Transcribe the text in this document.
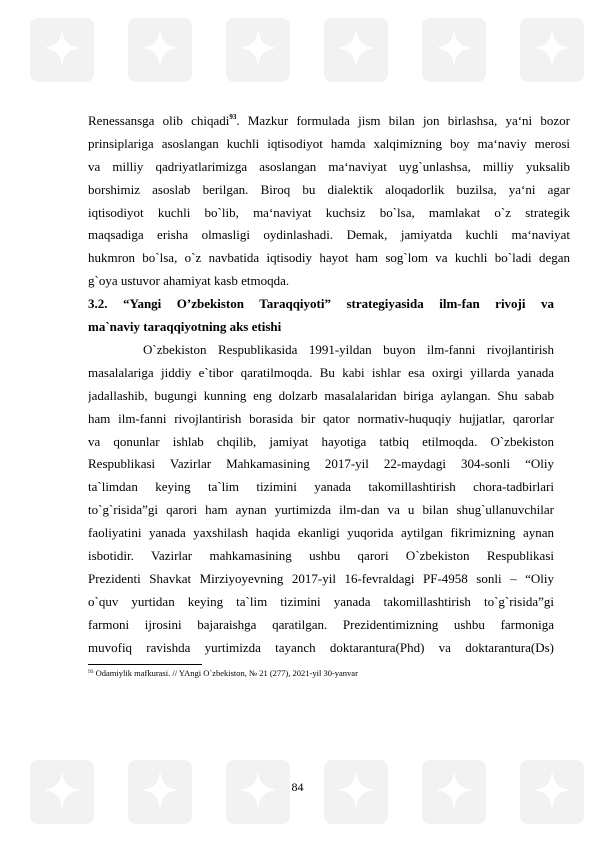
✦	✦	✦	✦	✦	✦
✦	✦	✦	✦	✦	✦
Renessansga olib chiqadi$^{93}$. Mazkur formulada jism bilan jon birlashsa, ya‘ni bozor
prinsiplariga asoslangan kuchli iqtisodiyot hamda xalqimizning boy ma‘naviy merosi
va milliy qadriyatlarimizga asoslangan ma‘naviyat uyg`unlashsa, milliy yuksalib
borshimiz asoslab berilgan. Biroq bu dialektik aloqadorlik buzilsa, ya‘ni agar
iqtisodiyot kuchli bo`lib, ma‘naviyat kuchsiz bo`lsa, mamlakat o`z strategik
maqsadiga erisha olmasligi oydinlashadi. Demak, jamiyatda kuchli ma‘naviyat
hukmron bo`lsa, o`z navbatida iqtisodiy hayot ham sog`lom va kuchli bo`ladi degan
g`oya ustuvor ahamiyat kasb etmoqda.
3.2. “Yangi O’zbekiston Taraqqiyoti” strategiyasida ilm-fan rivoji va
ma`naviy taraqqiyotning aks etishi
O`zbekiston Respublikasida 1991-yildan buyon ilm-fanni rivojlantirish
masalalariga jiddiy e`tibor qaratilmoqda. Bu kabi ishlar esa oxirgi yillarda yanada
jadallashib, bugungi kunning eng dolzarb masalalaridan biriga aylangan. Shu sabab
ham ilm-fanni rivojlantirish borasida bir qator normativ-huquqiy hujjatlar, qarorlar
va qonunlar ishlab chqilib, jamiyat hayotiga tatbiq etilmoqda. O`zbekiston
Respublikasi Vazirlar Mahkamasining 2017-yil 22-maydagi 304-sonli “Oliy
ta`limdan keying ta`lim tizimini yanada takomillashtirish chora-tadbirlari
to`g`risida”gi qarori ham aynan yurtimizda ilm-dan va u bilan shug`ullanuvchilar
faoliyatini yanada yaxshilash haqida ekanligi yuqorida aytilgan fikrimizning aynan
isbotidir. Vazirlar mahkamasining ushbu qarori O`zbekiston Respublikasi
Prezidenti Shavkat Mirziyoyevning 2017-yil 16-fevraldagi PF-4958 sonli – “Oliy
o`quv yurtidan keying ta`lim tizimini yanada takomillashtirish to`g`risida”gi
farmoni ijrosini bajaraishga qaratilgan. Prezidentimizning ushbu farmoniga
muvofiq ravishda yurtimizda tayanch doktarantura(Phd) va doktarantura(Ds)
$^{93}$ Odamiylik mafkurasi. // YAngi O`zbekiston, № 21 (277), 2021-yil 30-yanvar
84
